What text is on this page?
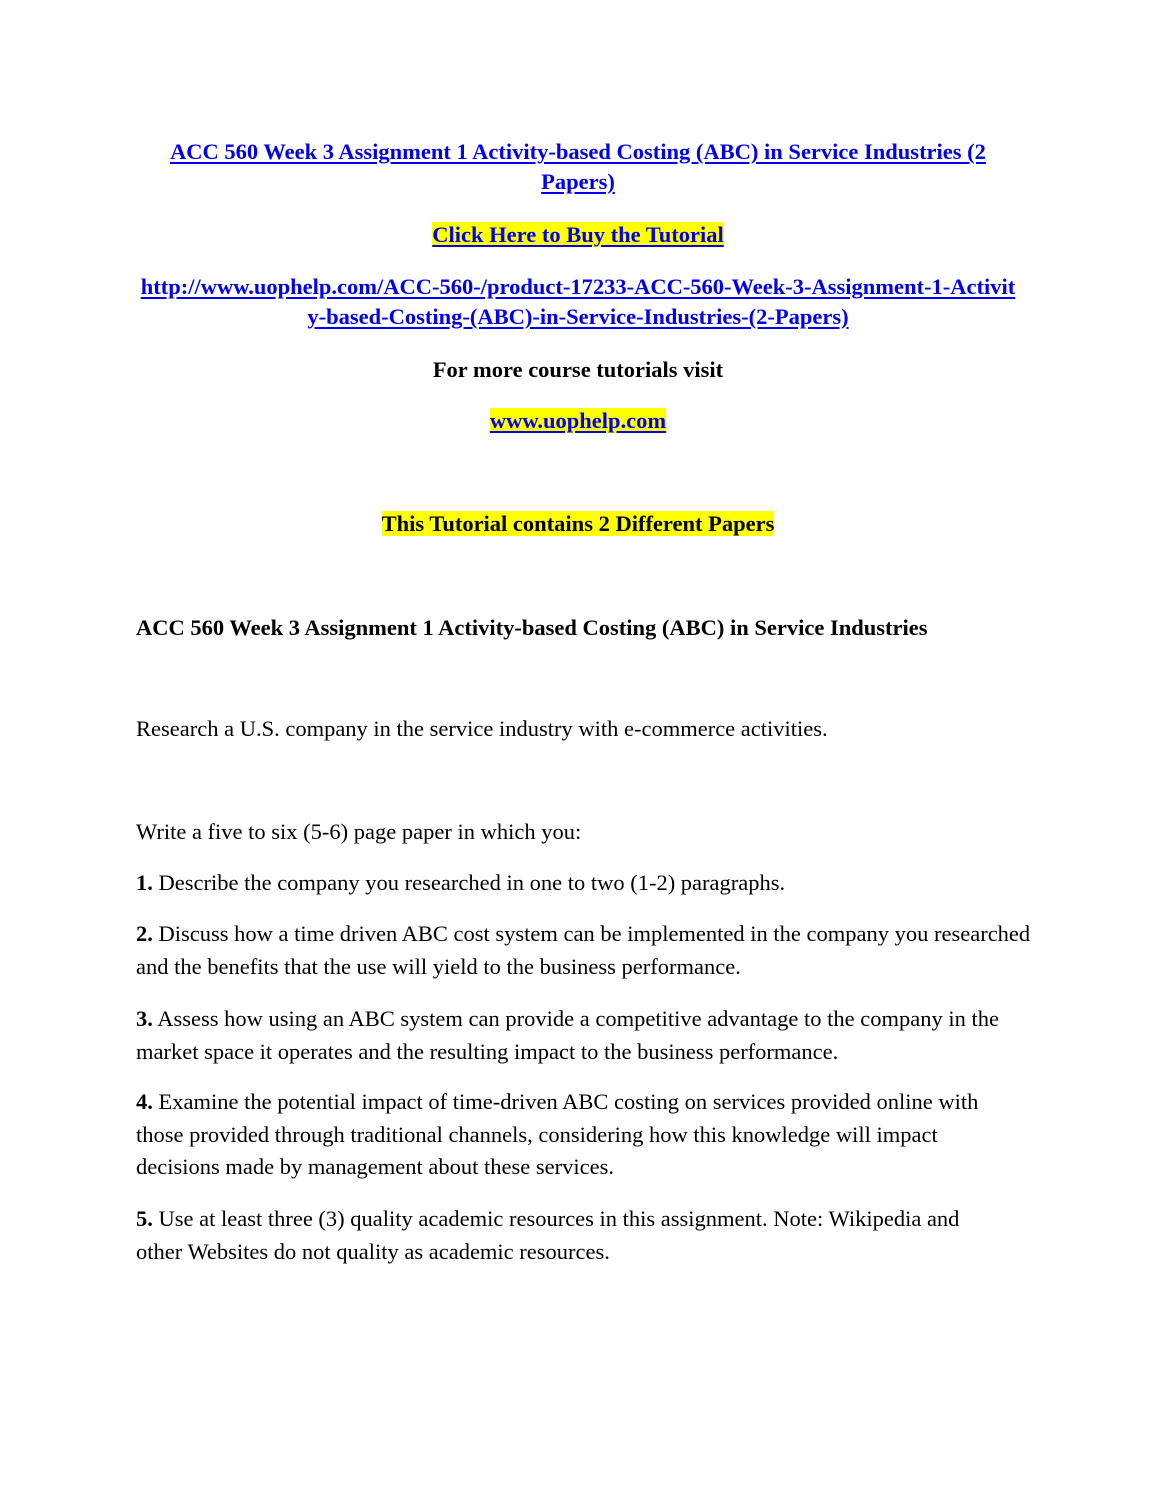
ACC 560 Week 3 Assignment 1 Activity-based Costing (ABC) in Service Industries (2 Papers)
Click Here to Buy the Tutorial
http://www.uophelp.com/ACC-560-/product-17233-ACC-560-Week-3-Assignment-1-Activity-based-Costing-(ABC)-in-Service-Industries-(2-Papers)
For more course tutorials visit
www.uophelp.com
This Tutorial contains 2 Different Papers
ACC 560 Week 3 Assignment 1 Activity-based Costing (ABC) in Service Industries
Research a U.S. company in the service industry with e-commerce activities.
Write a five to six (5-6) page paper in which you:
1. Describe the company you researched in one to two (1-2) paragraphs.
2. Discuss how a time driven ABC cost system can be implemented in the company you researched and the benefits that the use will yield to the business performance.
3. Assess how using an ABC system can provide a competitive advantage to the company in the market space it operates and the resulting impact to the business performance.
4. Examine the potential impact of time-driven ABC costing on services provided online with those provided through traditional channels, considering how this knowledge will impact decisions made by management about these services.
5. Use at least three (3) quality academic resources in this assignment. Note: Wikipedia and other Websites do not quality as academic resources.
